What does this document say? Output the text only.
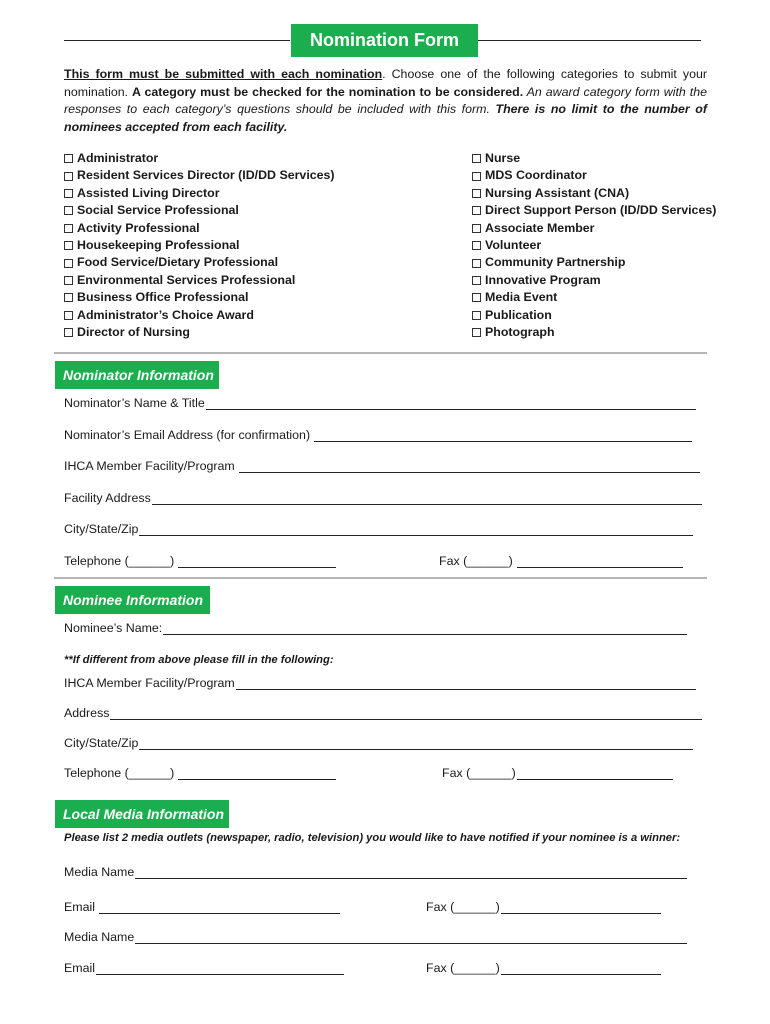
Nomination Form
This form must be submitted with each nomination. Choose one of the following categories to submit your nomination. A category must be checked for the nomination to be considered. An award category form with the responses to each category’s questions should be included with this form. There is no limit to the number of nominees accepted from each facility.
Administrator
Resident Services Director (ID/DD Services)
Assisted Living Director
Social Service Professional
Activity Professional
Housekeeping Professional
Food Service/Dietary Professional
Environmental Services Professional
Business Office Professional
Administrator’s Choice Award
Director of Nursing
Nurse
MDS Coordinator
Nursing Assistant (CNA)
Direct Support Person (ID/DD Services)
Associate Member
Volunteer
Community Partnership
Innovative Program
Media Event
Publication
Photograph
Nominator Information
Nominator’s Name & Title
Nominator’s Email Address (for confirmation)
IHCA Member Facility/Program
Facility Address
City/State/Zip
Telephone (______)	Fax (______)
Nominee Information
Nominee’s Name:
**If different from above please fill in the following:
IHCA Member Facility/Program
Address
City/State/Zip
Telephone (______)	Fax (______)
Local Media Information
Please list 2 media outlets (newspaper, radio, television) you would like to have notified if your nominee is a winner:
Media Name
Email	Fax (______)
Media Name
Email	Fax (______)
